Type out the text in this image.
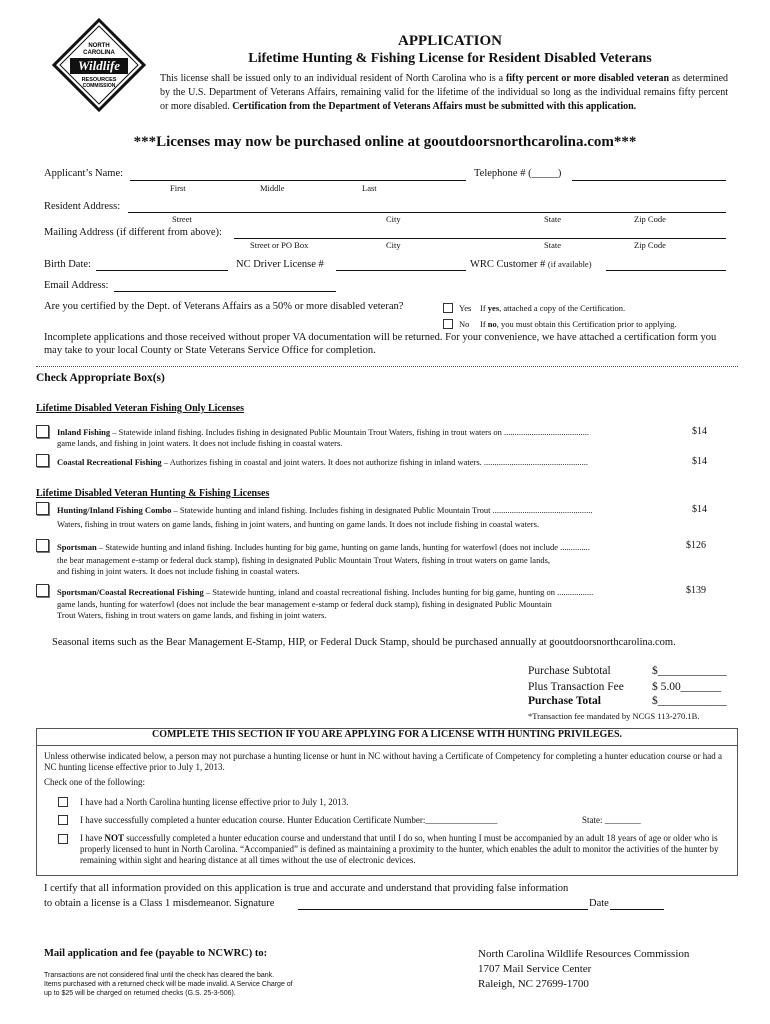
NORTH
CAROLINA
Wildlife
RESOURCES
COMMISSION
APPLICATION
Lifetime Hunting & Fishing License for Resident Disabled Veterans
This license shall be issued only to an individual resident of North Carolina who is a fifty percent or more disabled veteran as determined by the U.S. Department of Veterans Affairs, remaining valid for the lifetime of the individual so long as the individual remains fifty percent or more disabled. Certification from the Department of Veterans Affairs must be submitted with this application.
***Licenses may now be purchased online at gooutdoorsnorthcarolina.com***
Applicant’s Name:
First	Middle	Last
Telephone # (_____)
Resident Address:
Street	City	State	Zip Code
Mailing Address (if different from above):
Street or PO Box	City	State	Zip Code
Birth Date:	NC Driver License #	WRC Customer # (if available)
Email Address:
Are you certified by the Dept. of Veterans Affairs as a 50% or more disabled veteran?	Yes If yes, attached a copy of the Certification.
No If no, you must obtain this Certification prior to applying.
Incomplete applications and those received without proper VA documentation will be returned. For your convenience, we have attached a certification form you may take to your local County or State Veterans Service Office for completion.
Check Appropriate Box(s)
Lifetime Disabled Veteran Fishing Only Licenses
Inland Fishing – Statewide inland fishing. Includes fishing in designated Public Mountain Trout Waters, fishing in trout waters on ........................................
game lands, and fishing in joint waters. It does not include fishing in coastal waters.
$14
Coastal Recreational Fishing – Authorizes fishing in coastal and joint waters. It does not authorize fishing in inland waters. .................................................	$14
Lifetime Disabled Veteran Hunting & Fishing Licenses
Hunting/Inland Fishing Combo – Statewide hunting and inland fishing. Includes fishing in designated Public Mountain Trout ...............................................
Waters, fishing in trout waters on game lands, fishing in joint waters, and hunting on game lands. It does not include fishing in coastal waters.
$14
Sportsman – Statewide hunting and inland fishing. Includes hunting for big game, hunting on game lands, hunting for waterfowl (does not include ..............
the bear management e-stamp or federal duck stamp), fishing in designated Public Mountain Trout Waters, fishing in trout waters on game lands,
and fishing in joint waters. It does not include fishing in coastal waters.
$126
Sportsman/Coastal Recreational Fishing – Statewide hunting, inland and coastal recreational fishing. Includes hunting for big game, hunting on .................
game lands, hunting for waterfowl (does not include the bear management e-stamp or federal duck stamp), fishing in designated Public Mountain
Trout Waters, fishing in trout waters on game lands, and fishing in joint waters.
$139
Seasonal items such as the Bear Management E-Stamp, HIP, or Federal Duck Stamp, should be purchased annually at gooutdoorsnorthcarolina.com.
Purchase Subtotal	$____________
Plus Transaction Fee $ 5.00_______
Purchase Total	$____________
*Transaction fee mandated by NCGS 113-270.1B.
COMPLETE THIS SECTION IF YOU ARE APPLYING FOR A LICENSE WITH HUNTING PRIVILEGES.
Unless otherwise indicated below, a person may not purchase a hunting license or hunt in NC without having a Certificate of Competency for completing a hunter education course or had a NC hunting license effective prior to July 1, 2013.
Check one of the following:
I have had a North Carolina hunting license effective prior to July 1, 2013.
I have successfully completed a hunter education course. Hunter Education Certificate Number:________________	State: ________
I have NOT successfully completed a hunter education course and understand that until I do so, when hunting I must be accompanied by an adult 18 years of age or older who is properly licensed to hunt in North Carolina. “Accompanied” is defined as maintaining a proximity to the hunter, which enables the adult to monitor the activities of the hunter by remaining within sight and hearing distance at all times without the use of electronic devices.
I certify that all information provided on this application is true and accurate and understand that providing false information
to obtain a license is a Class 1 misdemeanor. Signature	Date
Mail application and fee (payable to NCWRC) to:
Transactions are not considered final until the check has cleared the bank.
Items purchased with a returned check will be made invalid. A Service Charge of
up to $25 will be charged on returned checks (G.S. 25-3-506).
North Carolina Wildlife Resources Commission
1707 Mail Service Center
Raleigh, NC 27699-1700
